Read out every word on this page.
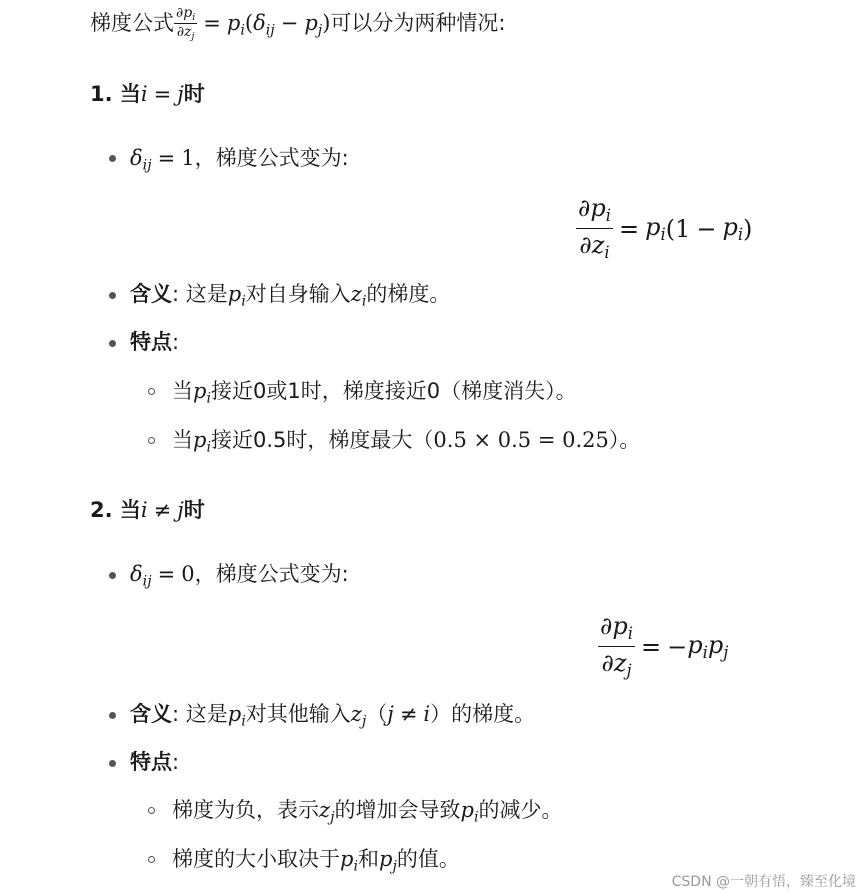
梯度公式 $\frac{\partial p_i}{\partial z_j} = p_i(\delta_{ij} - p_j)$可以分为两种情况:
1. 当i = j时
$\delta_{ij} = 1$，梯度公式变为:
$\frac{\partial p_i}{\partial z_i} = p_i$ ($1 - p_i$ )
含义: 这是$p_i$对自身输入$z_i$的梯度。
特点:
当$p_i$接近0或1时，梯度接近0（梯度消失）。
当$p_i$接近0.5时，梯度最大（0.5 × 0.5 = 0.25）。
2. 当i ≠ j时
$\delta_{ij} = 0$，梯度公式变为:
$\frac{\partial p_i}{\partial z_j}$ = − $p_ip_j$
含义: 这是$p_i$对其他输入$z_j(j \ne i)$的梯度。
特点:
梯度为负，表示$z_j$的增加会导致$p_i$的减少。
梯度的大小取决于$p_i$和$p_j$的值。
CSDN @一朝有悟，臻至化境
